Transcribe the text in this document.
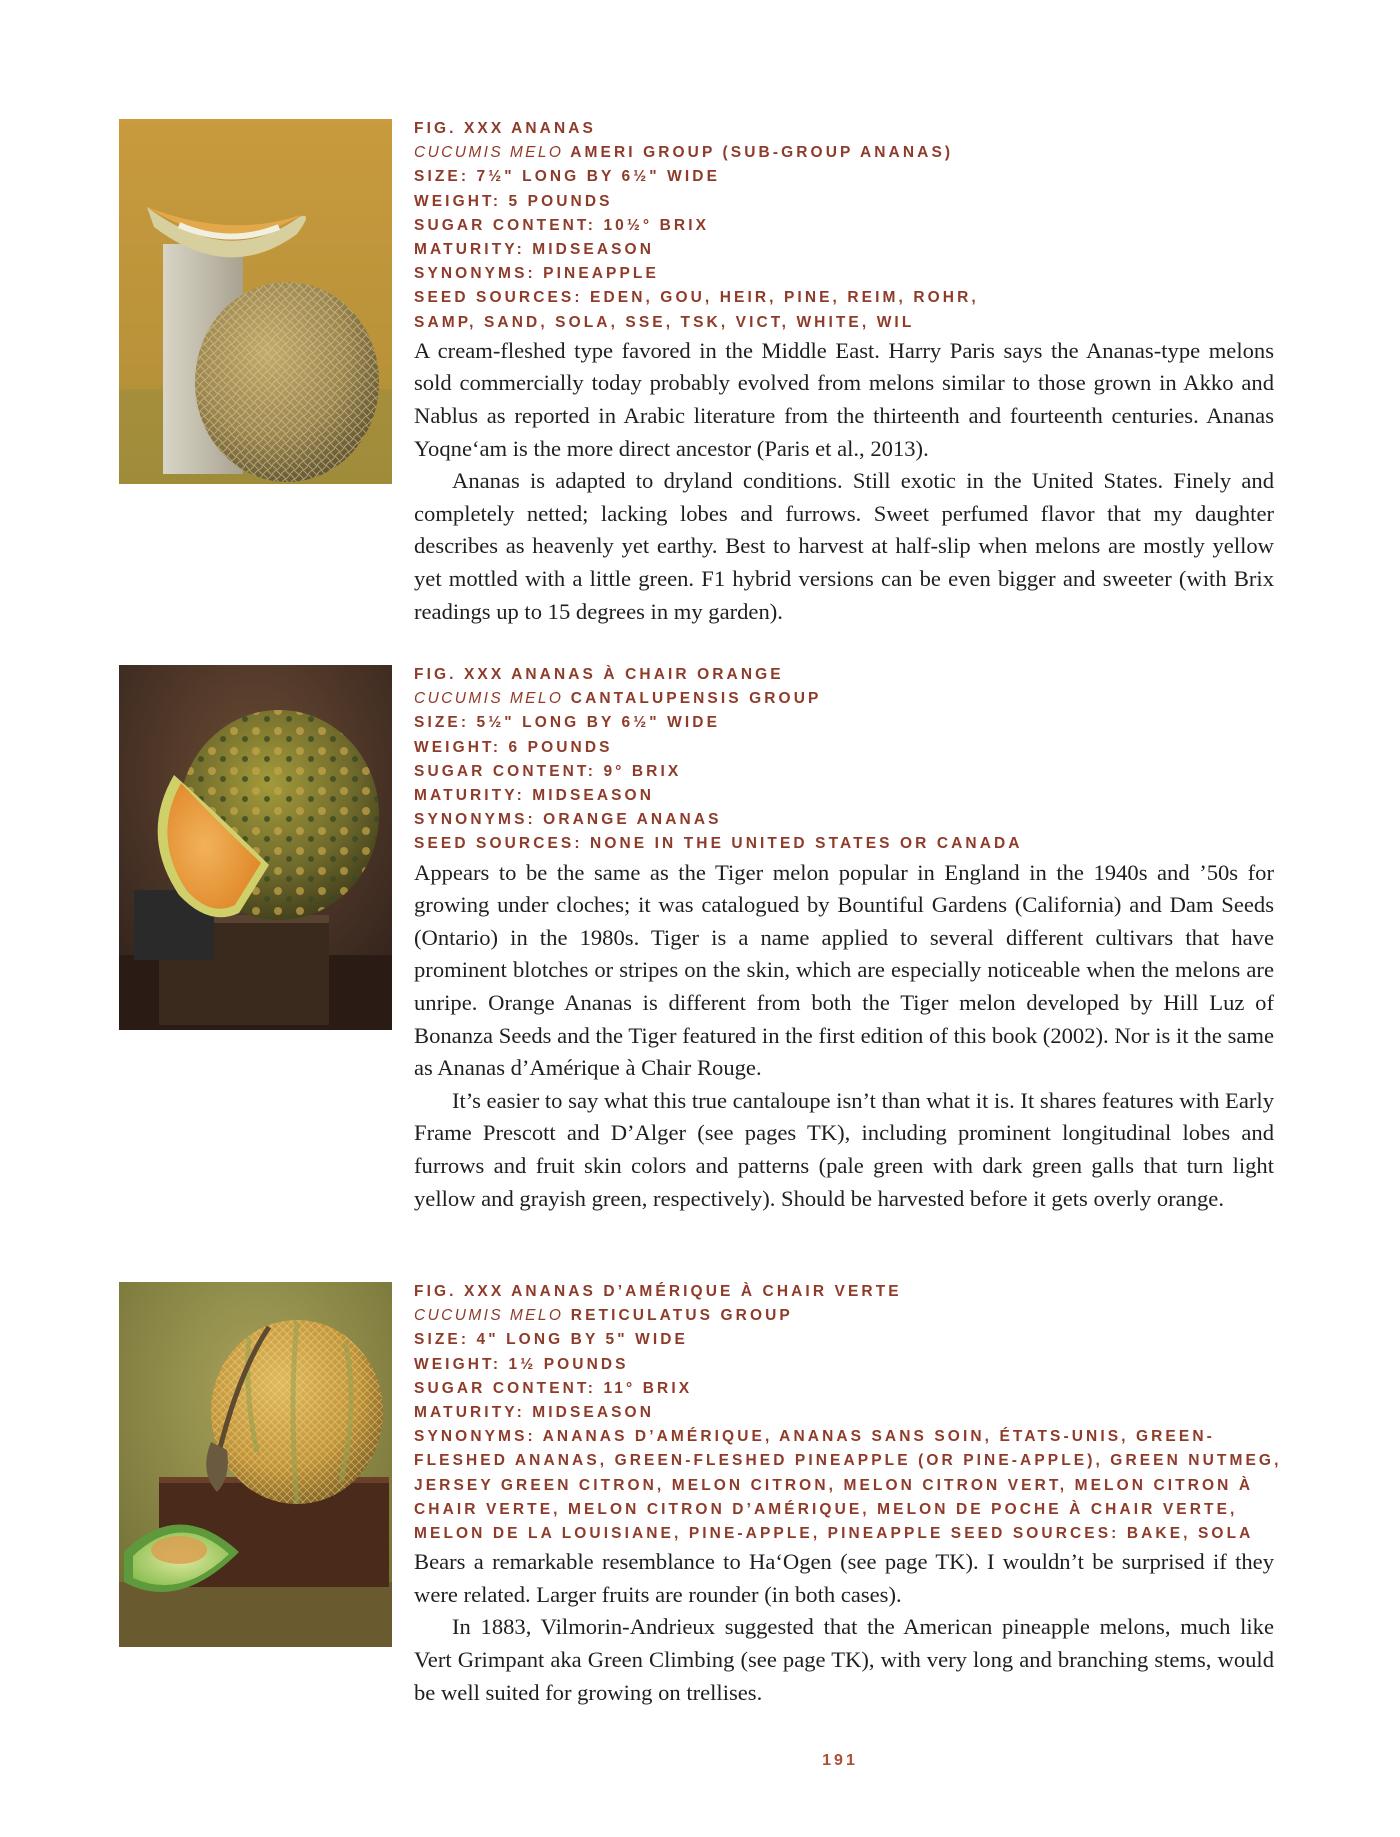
FIG. XXX ANANAS
CUCUMIS MELO AMERI GROUP (SUB-GROUP ANANAS)
SIZE: 7½" LONG BY 6½" WIDE
WEIGHT: 5 POUNDS
SUGAR CONTENT: 10½° BRIX
MATURITY: MIDSEASON
SYNONYMS: PINEAPPLE
SEED SOURCES: EDEN, GOU, HEIR, PINE, REIM, ROHR,
SAMP, SAND, SOLA, SSE, TSK, VICT, WHITE, WIL

A cream-fleshed type favored in the Middle East. Harry Paris says the Ananas-type melons sold commercially today probably evolved from melons similar to those grown in Akko and Nablus as reported in Arabic literature from the thirteenth and fourteenth centuries. Ananas Yoqne‘am is the more direct ancestor (Paris et al., 2013).

Ananas is adapted to dryland conditions. Still exotic in the United States. Finely and completely netted; lacking lobes and furrows. Sweet perfumed flavor that my daughter describes as heavenly yet earthy. Best to harvest at half-slip when melons are mostly yellow yet mottled with a little green. F1 hybrid versions can be even bigger and sweeter (with Brix readings up to 15 degrees in my garden).

FIG. XXX ANANAS À CHAIR ORANGE
CUCUMIS MELO CANTALUPENSIS GROUP
SIZE: 5½" LONG BY 6½" WIDE
WEIGHT: 6 POUNDS
SUGAR CONTENT: 9° BRIX
MATURITY: MIDSEASON
SYNONYMS: ORANGE ANANAS
SEED SOURCES: NONE IN THE UNITED STATES OR CANADA

Appears to be the same as the Tiger melon popular in England in the 1940s and ’50s for growing under cloches; it was catalogued by Bountiful Gardens (California) and Dam Seeds (Ontario) in the 1980s. Tiger is a name applied to several different cultivars that have prominent blotches or stripes on the skin, which are especially noticeable when the melons are unripe. Orange Ananas is different from both the Tiger melon developed by Hill Luz of Bonanza Seeds and the Tiger featured in the first edition of this book (2002). Nor is it the same as Ananas d’Amérique à Chair Rouge.

It’s easier to say what this true cantaloupe isn’t than what it is. It shares features with Early Frame Prescott and D’Alger (see pages TK), including prominent longitudinal lobes and furrows and fruit skin colors and patterns (pale green with dark green galls that turn light yellow and grayish green, respectively). Should be harvested before it gets overly orange.

FIG. XXX ANANAS D’AMÉRIQUE À CHAIR VERTE
CUCUMIS MELO RETICULATUS GROUP
SIZE: 4" LONG BY 5" WIDE
WEIGHT: 1½ POUNDS
SUGAR CONTENT: 11° BRIX
MATURITY: MIDSEASON
SYNONYMS: ANANAS D’AMÉRIQUE, ANANAS SANS SOIN, ÉTATS-UNIS, GREEN-
FLESHED ANANAS, GREEN-FLESHED PINEAPPLE (OR PINE-APPLE), GREEN NUTMEG,
JERSEY GREEN CITRON, MELON CITRON, MELON CITRON VERT, MELON CITRON À
CHAIR VERTE, MELON CITRON D’AMÉRIQUE, MELON DE POCHE À CHAIR VERTE,
MELON DE LA LOUISIANE, PINE-APPLE, PINEAPPLE SEED SOURCES: BAKE, SOLA

Bears a remarkable resemblance to Ha‘Ogen (see page TK). I wouldn’t be surprised if they were related. Larger fruits are rounder (in both cases).

In 1883, Vilmorin-Andrieux suggested that the American pineapple melons, much like Vert Grimpant aka Green Climbing (see page TK), with very long and branching stems, would be well suited for growing on trellises.

191
